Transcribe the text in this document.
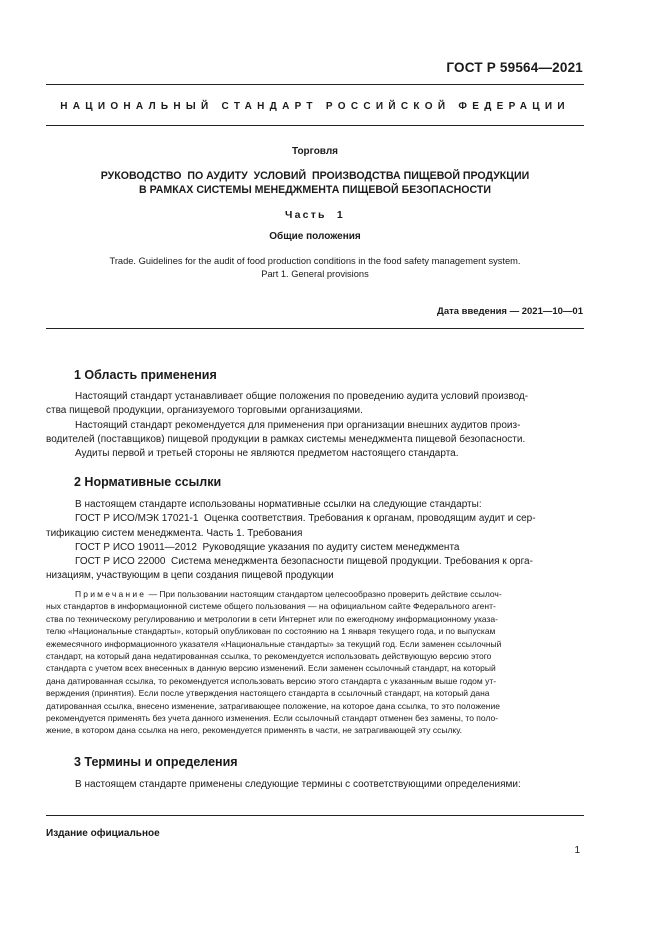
ГОСТ Р 59564—2021
НАЦИОНАЛЬНЫЙ СТАНДАРТ РОССИЙСКОЙ ФЕДЕРАЦИИ
Торговля
РУКОВОДСТВО  ПО АУДИТУ  УСЛОВИЙ  ПРОИЗВОДСТВА ПИЩЕВОЙ ПРОДУКЦИИ
В РАМКАХ СИСТЕМЫ МЕНЕДЖМЕНТА ПИЩЕВОЙ БЕЗОПАСНОСТИ
Часть  1
Общие положения
Trade. Guidelines for the audit of food production conditions in the food safety management system.
Part 1. General provisions
Дата введения — 2021—10—01
1 Область применения
Настоящий стандарт устанавливает общие положения по проведению аудита условий производ-
ства пищевой продукции, организуемого торговыми организациями.
Настоящий стандарт рекомендуется для применения при организации внешних аудитов произ-
водителей (поставщиков) пищевой продукции в рамках системы менеджмента пищевой безопасности.
Аудиты первой и третьей стороны не являются предметом настоящего стандарта.
2 Нормативные ссылки
В настоящем стандарте использованы нормативные ссылки на следующие стандарты:
ГОСТ Р ИСО/МЭК 17021-1  Оценка соответствия. Требования к органам, проводящим аудит и сер-
тификацию систем менеджмента. Часть 1. Требования
ГОСТ Р ИСО 19011—2012  Руководящие указания по аудиту систем менеджмента
ГОСТ Р ИСО 22000  Система менеджмента безопасности пищевой продукции. Требования к орга-
низациям, участвующим в цепи создания пищевой продукции
Примечание — При пользовании настоящим стандартом целесообразно проверить действие ссылоч-
ных стандартов в информационной системе общего пользования — на официальном сайте Федерального агент-
ства по техническому регулированию и метрологии в сети Интернет или по ежегодному информационному указа-
телю «Национальные стандарты», который опубликован по состоянию на 1 января текущего года, и по выпускам
ежемесячного информационного указателя «Национальные стандарты» за текущий год. Если заменен ссылочный
стандарт, на который дана недатированная ссылка, то рекомендуется использовать действующую версию этого
стандарта с учетом всех внесенных в данную версию изменений. Если заменен ссылочный стандарт, на который
дана датированная ссылка, то рекомендуется использовать версию этого стандарта с указанным выше годом ут-
верждения (принятия). Если после утверждения настоящего стандарта в ссылочный стандарт, на который дана
датированная ссылка, внесено изменение, затрагивающее положение, на которое дана ссылка, то это положение
рекомендуется применять без учета данного изменения. Если ссылочный стандарт отменен без замены, то поло-
жение, в котором дана ссылка на него, рекомендуется применять в части, не затрагивающей эту ссылку.
3 Термины и определения
В настоящем стандарте применены следующие термины с соответствующими определениями:
Издание официальное
1
